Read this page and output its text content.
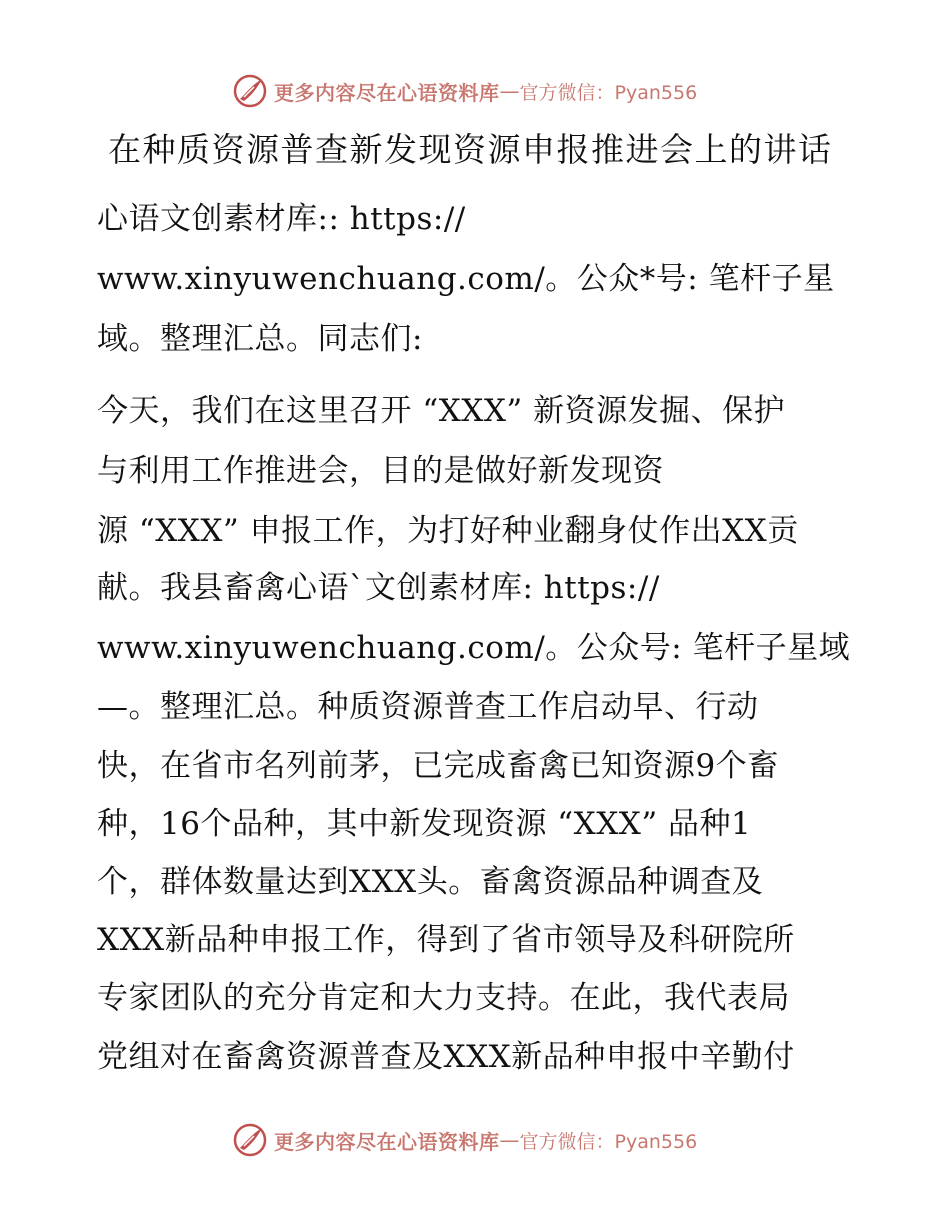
更多内容尽在心语资料库 — 官方微信：Pyan556
在种质资源普查新发现资源申报推进会上的讲话
心语文创素材库:: https://
www.xinyuwenchuang.com/。公众*号: 笔杆子星
域。整理汇总。同志们:
今天，我们在这里召开 “XXX” 新资源发掘、保护
与利用工作推进会，目的是做好新发现资
源 “XXX” 申报工作，为打好种业翻身仗作出XX贡
献。我县畜禽心语`文创素材库: https://
www.xinyuwenchuang.com/。公众号: 笔杆子星域
—。整理汇总。种质资源普查工作启动早、行动
快，在省市名列前茅，已完成畜禽已知资源9个畜
种，16个品种，其中新发现资源 “XXX” 品种1
个，群体数量达到XXX头。畜禽资源品种调查及
XXX新品种申报工作，得到了省市领导及科研院所
专家团队的充分肯定和大力支持。在此，我代表局
党组对在畜禽资源普查及XXX新品种申报中辛勤付
更多内容尽在心语资料库 — 官方微信：Pyan556
